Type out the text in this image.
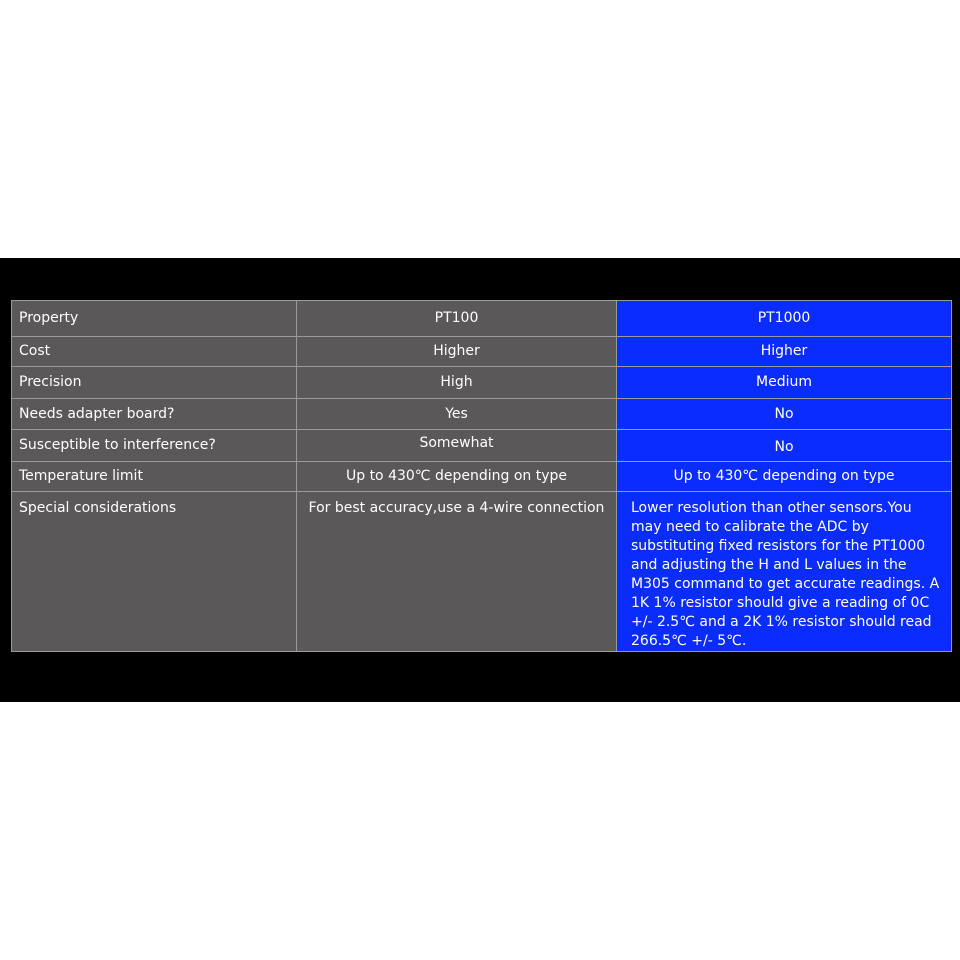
Property	PT100	PT1000
Cost	Higher	Higher
Precision	High	Medium
Needs adapter board?	Yes	No
Susceptible to interference?	Somewhat	No
Temperature limit	Up to 430℃ depending on type	Up to 430℃ depending on type
Special considerations	For best accuracy,use a 4-wire connection	Lower resolution than other sensors.You may need to calibrate the ADC by substituting fixed resistors for the PT1000 and adjusting the H and L values in the M305 command to get accurate readings. A 1K 1% resistor should give a reading of 0C +/- 2.5℃ and a 2K 1% resistor should read 266.5℃ +/- 5℃.
